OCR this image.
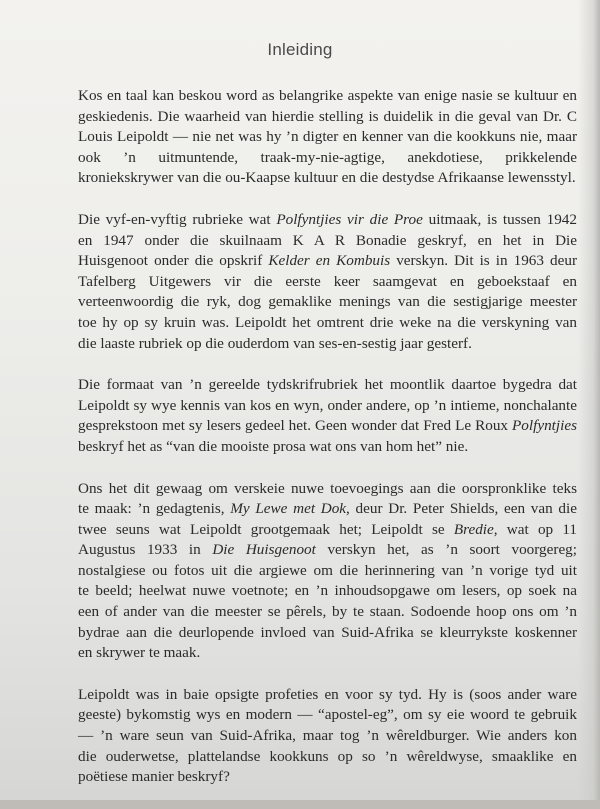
Inleiding

Kos en taal kan beskou word as belangrike aspekte van enige nasie se kultuur en
geskiedenis. Die waarheid van hierdie stelling is duidelik in die geval van Dr. C
Louis Leipoldt — nie net was hy ’n digter en kenner van die kookkuns nie, maar
ook ’n uitmuntende, traak-my-nie-agtige, anekdotiese, prikkelende
kroniekskrywer van die ou-Kaapse kultuur en die destydse Afrikaanse lewensstyl.

Die vyf-en-vyftig rubrieke wat Polfyntjies vir die Proe uitmaak, is tussen 1942
en 1947 onder die skuilnaam K A R Bonadie geskryf, en het in Die
Huisgenoot onder die opskrif Kelder en Kombuis verskyn. Dit is in 1963 deur
Tafelberg Uitgewers vir die eerste keer saamgevat en geboekstaaf en
verteenwoordig die ryk, dog gemaklike menings van die sestigjarige meester
toe hy op sy kruin was. Leipoldt het omtrent drie weke na die verskyning van
die laaste rubriek op die ouderdom van ses-en-sestig jaar gesterf.

Die formaat van ’n gereelde tydskrifrubriek het moontlik daartoe bygedra dat
Leipoldt sy wye kennis van kos en wyn, onder andere, op ’n intieme, nonchalante
gesprekstoon met sy lesers gedeel het. Geen wonder dat Fred Le Roux Polfyntjies
beskryf het as “van die mooiste prosa wat ons van hom het” nie.

Ons het dit gewaag om verskeie nuwe toevoegings aan die oorspronklike teks
te maak: ’n gedagtenis, My Lewe met Dok, deur Dr. Peter Shields, een van die
twee seuns wat Leipoldt grootgemaak het; Leipoldt se Bredie, wat op 11
Augustus 1933 in Die Huisgenoot verskyn het, as ’n soort voorgereg;
nostalgiese ou fotos uit die argiewe om die herinnering van ’n vorige tyd uit
te beeld; heelwat nuwe voetnote; en ’n inhoudsopgawe om lesers, op soek na
een of ander van die meester se pêrels, by te staan. Sodoende hoop ons om ’n
bydrae aan die deurlopende invloed van Suid-Afrika se kleurrykste koskenner
en skrywer te maak.

Leipoldt was in baie opsigte profeties en voor sy tyd. Hy is (soos ander ware
geeste) bykomstig wys en modern — “apostel-eg”, om sy eie woord te gebruik
— ’n ware seun van Suid-Afrika, maar tog ’n wêreldburger. Wie anders kon
die ouderwetse, plattelandse kookkuns op so ’n wêreldwyse, smaaklike en
poëtiese manier beskryf?
